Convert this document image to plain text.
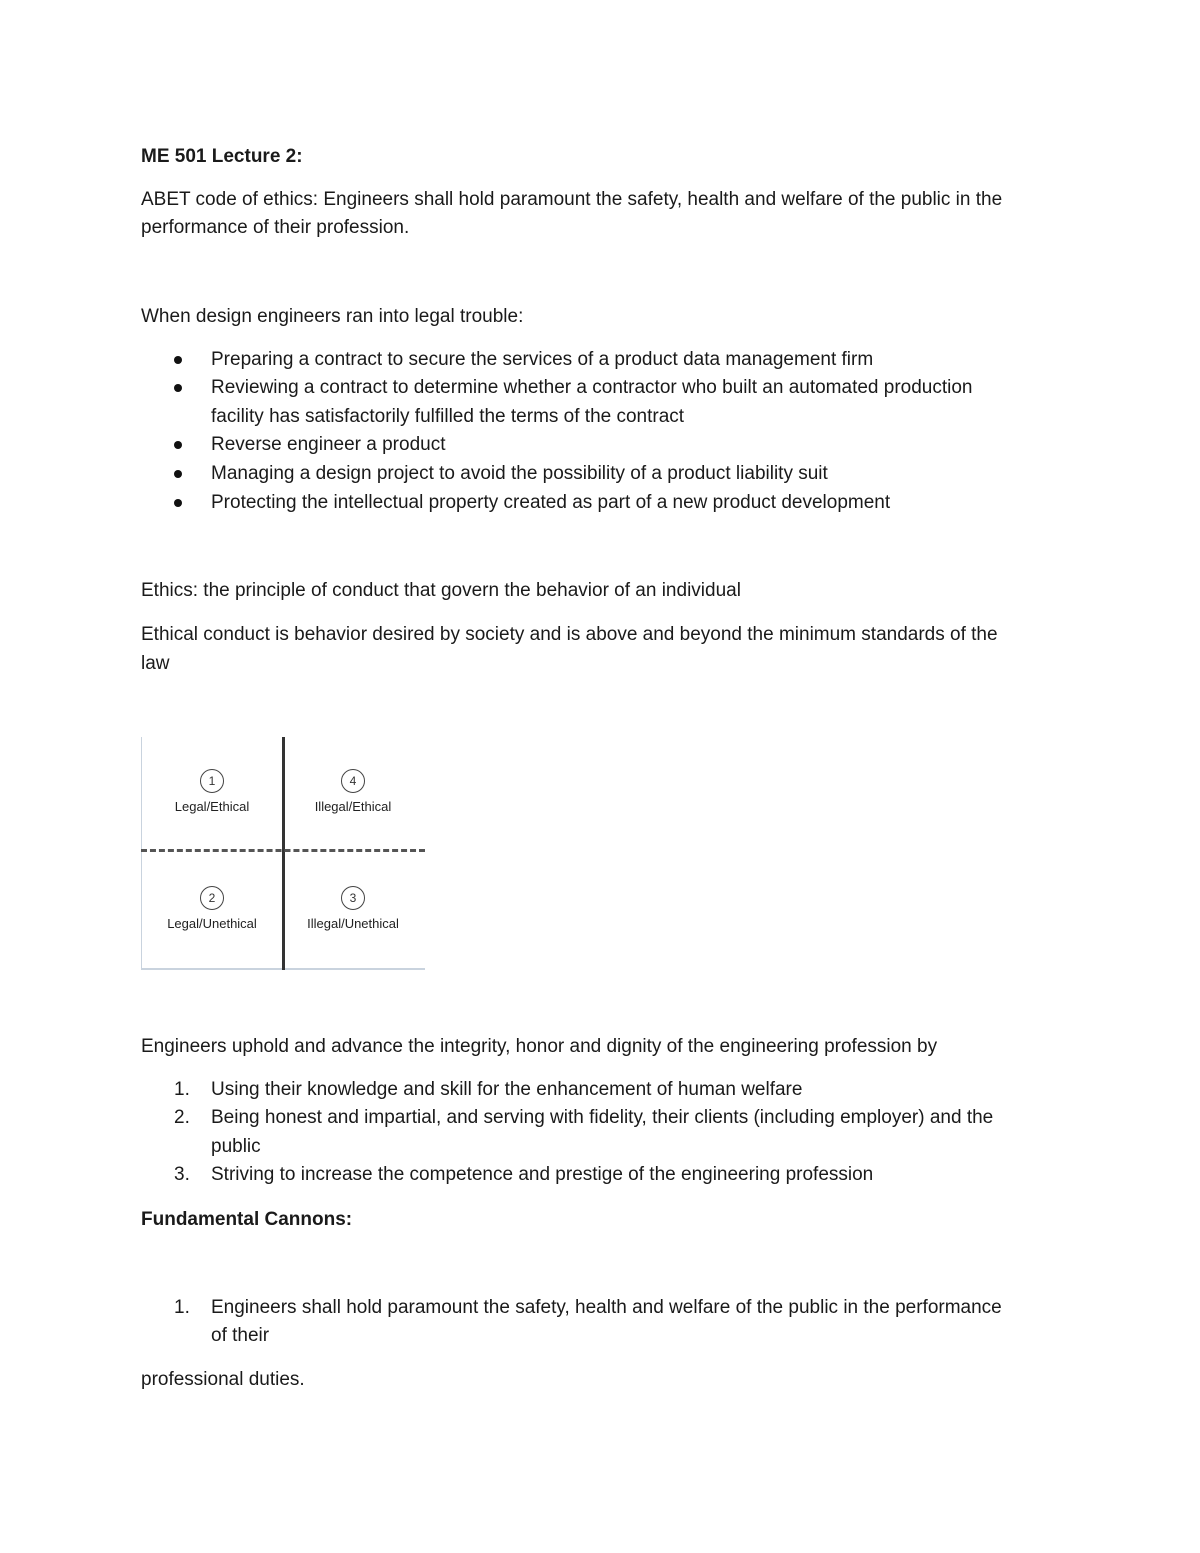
ME 501 Lecture 2:
ABET code of ethics: Engineers shall hold paramount the safety, health and welfare of the public in the
performance of their profession.
When design engineers ran into legal trouble:
Preparing a contract to secure the services of a product data management firm
Reviewing a contract to determine whether a contractor who built an automated production
facility has satisfactorily fulfilled the terms of the contract
Reverse engineer a product
Managing a design project to avoid the possibility of a product liability suit
Protecting the intellectual property created as part of a new product development
Ethics: the principle of conduct that govern the behavior of an individual
Ethical conduct is behavior desired by society and is above and beyond the minimum standards of the
law
1
Legal/Ethical
4
Illegal/Ethical
2
Legal/Unethical
3
Illegal/Unethical
Engineers uphold and advance the integrity, honor and dignity of the engineering profession by
1. Using their knowledge and skill for the enhancement of human welfare
2. Being honest and impartial, and serving with fidelity, their clients (including employer) and the
public
3. Striving to increase the competence and prestige of the engineering profession
Fundamental Cannons:
1. Engineers shall hold paramount the safety, health and welfare of the public in the performance
of their
professional duties.
